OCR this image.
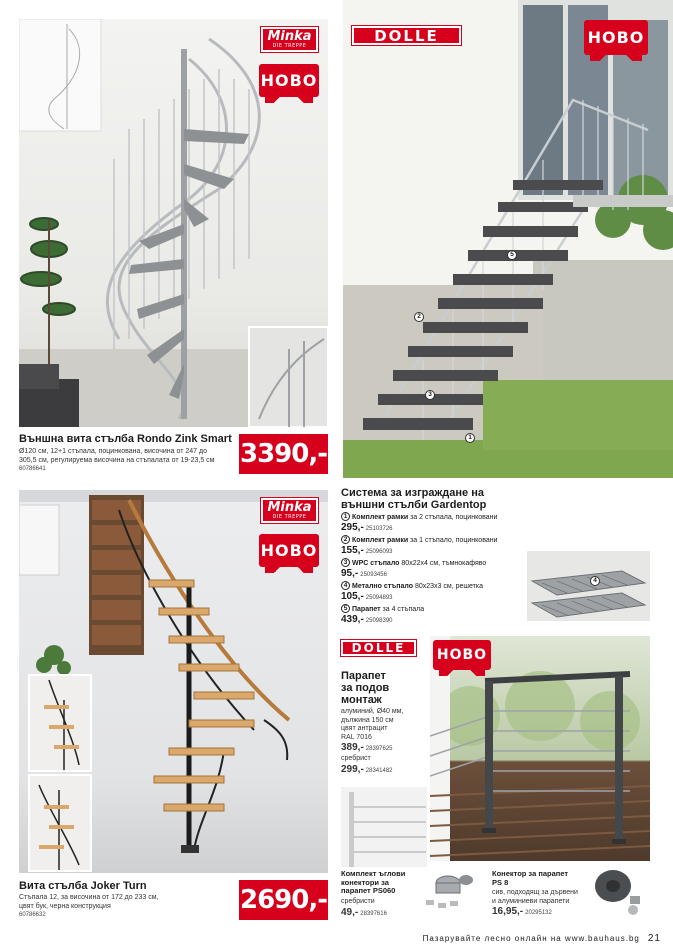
Minka
DIE TREPPE
НОВО
Външна вита стълба Rondo Zink Smart
Ø120 см, 12+1 стъпала, поцинкована, височина от 247 до
305,5 см, регулируема височина на стъпалата от 19-23,5 см
60786641	3390,-
Minka
DIE TREPPE
НОВО
Вита стълба Joker Turn
Стъпала 12, за височина от 172 до 233 см,
цвят бук, черна конструкция
60786632	2690,-
DOLLE	НОВО
1
2
3
5
Система за изграждане на
външни стълби Gardentop
1 Комплект рамки за 2 стъпала, поцинковани
295,- 25103726
2 Комплект рамки за 1 стъпало, поцинковани
155,- 25096093
3 WPC стъпало 80x22x4 см, тъмнокафяво
95,- 25093456
4 Метално стъпало 80x23x3 см, решетка
105,- 25094893
5 Парапет за 4 стъпала
439,- 25098390
4
DOLLE
Парапет
за подов
монтаж
алуминий, Ø40 мм,
дължина 150 см
цвят антрацит
RAL 7016
389,- 28397625
сребрист
299,- 28341482
НОВО
Комплект ъглови
конектори за
парапет PS060
сребристи
49,- 28397616
Конектор за парапет
PS 8
сив, подходящ за дървени
и алуминиеви парапети
16,95,- 20295132
Пазарувайте лесно онлайн на www.bauhaus.bg 21
